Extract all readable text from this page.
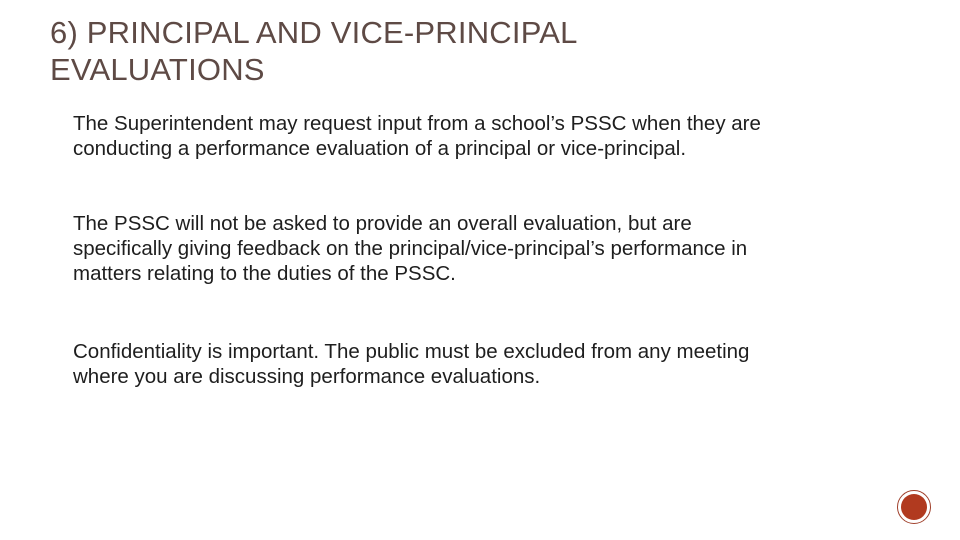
6) PRINCIPAL AND VICE-PRINCIPAL
EVALUATIONS

The Superintendent may request input from a school’s PSSC when they are
conducting a performance evaluation of a principal or vice-principal.

The PSSC will not be asked to provide an overall evaluation, but are
specifically giving feedback on the principal/vice-principal’s performance in
matters relating to the duties of the PSSC.

Confidentiality is important. The public must be excluded from any meeting
where you are discussing performance evaluations.
